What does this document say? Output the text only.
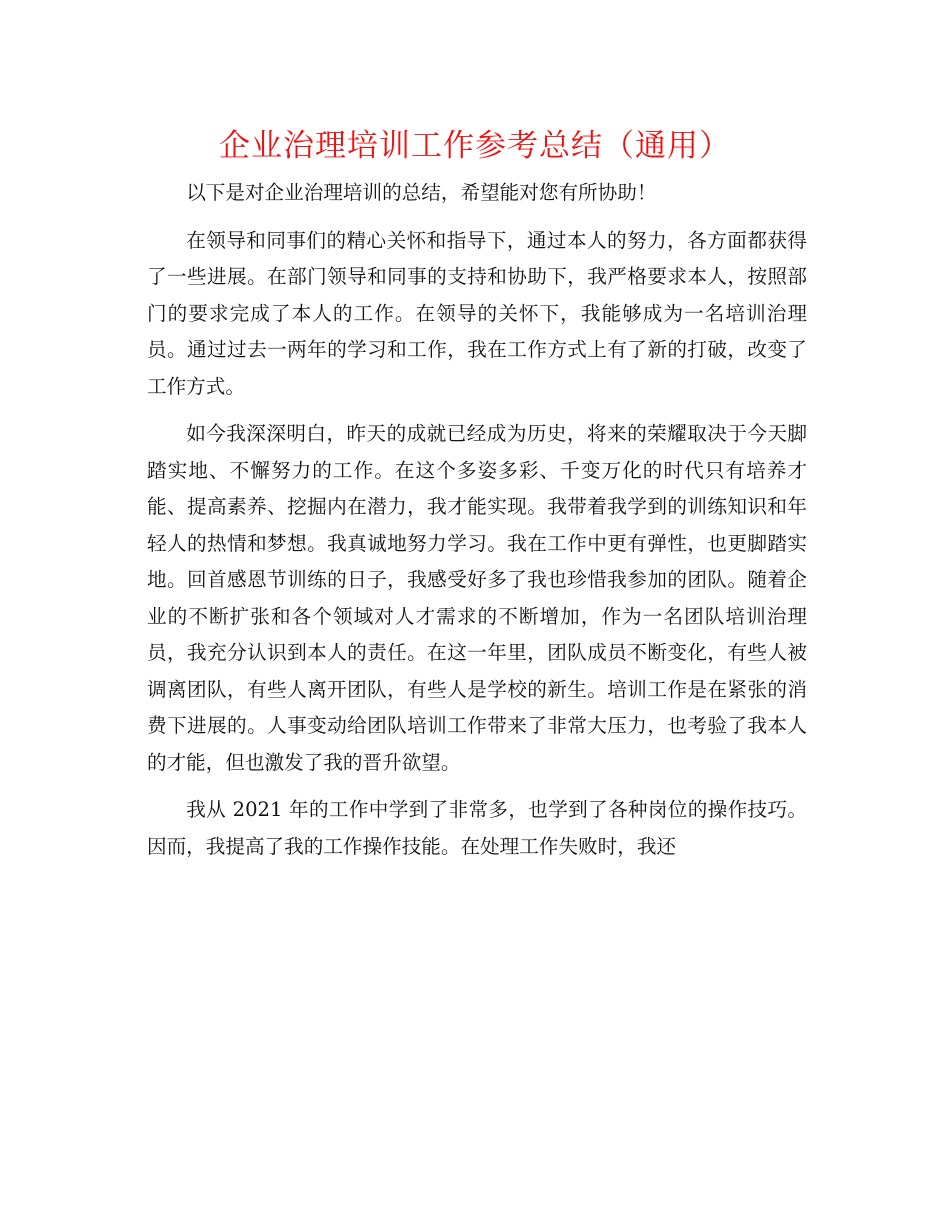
企业治理培训工作参考总结（通用）

以下是对企业治理培训的总结，希望能对您有所协助！

在领导和同事们的精心关怀和指导下，通过本人的努力，各方面都获得了一些进展。在部门领导和同事的支持和协助下，我严格要求本人，按照部门的要求完成了本人的工作。在领导的关怀下，我能够成为一名培训治理员。通过过去一两年的学习和工作，我在工作方式上有了新的打破，改变了工作方式。

如今我深深明白，昨天的成就已经成为历史，将来的荣耀取决于今天脚踏实地、不懈努力的工作。在这个多姿多彩、千变万化的时代只有培养才能、提高素养、挖掘内在潜力，我才能实现。我带着我学到的训练知识和年轻人的热情和梦想。我真诚地努力学习。我在工作中更有弹性，也更脚踏实地。回首感恩节训练的日子，我感受好多了我也珍惜我参加的团队。随着企业的不断扩张和各个领域对人才需求的不断增加，作为一名团队培训治理员，我充分认识到本人的责任。在这一年里，团队成员不断变化，有些人被调离团队，有些人离开团队，有些人是学校的新生。培训工作是在紧张的消费下进展的。人事变动给团队培训工作带来了非常大压力，也考验了我本人的才能，但也激发了我的晋升欲望。

我从 2021 年的工作中学到了非常多，也学到了各种岗位的操作技巧。因而，我提高了我的工作操作技能。在处理工作失败时，我还
